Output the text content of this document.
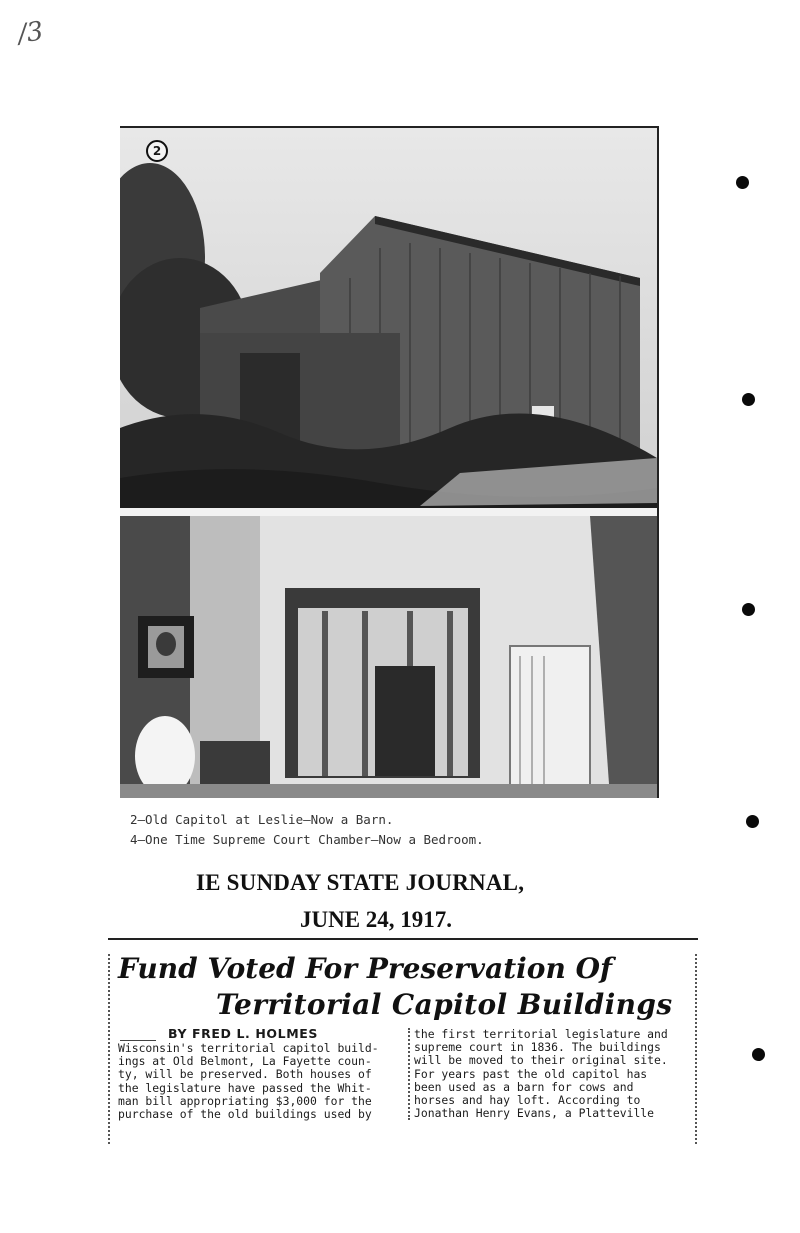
/3
2
2—Old Capitol at Leslie—Now a Barn.
4—One Time Supreme Court Chamber—Now a Bedroom.
IE SUNDAY STATE JOURNAL,
JUNE 24, 1917.
Fund Voted For Preservation Of
Territorial Capitol Buildings
BY FRED L. HOLMES
Wisconsin's territorial capitol build-
ings at Old Belmont, La Fayette coun-
ty, will be preserved. Both houses of
the legislature have passed the Whit-
man bill appropriating $3,000 for the
purchase of the old buildings used by
the first territorial legislature and
supreme court in 1836. The buildings
will be moved to their original site.
For years past the old capitol has
been used as a barn for cows and
horses and hay loft. According to
Jonathan Henry Evans, a Platteville
